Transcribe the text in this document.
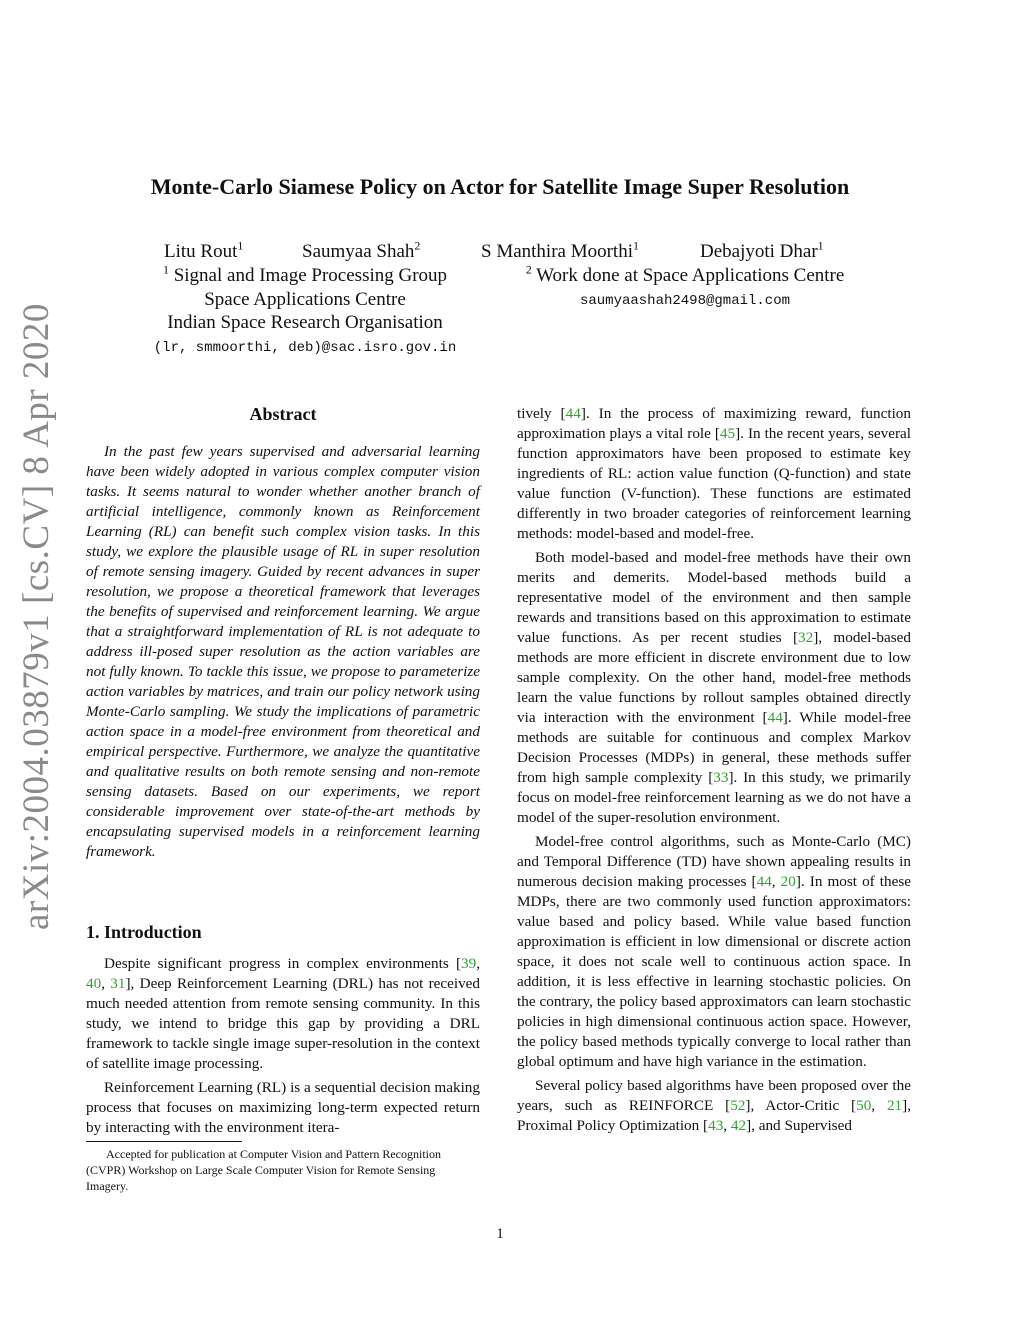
Monte-Carlo Siamese Policy on Actor for Satellite Image Super Resolution
Litu Rout$^1$	Saumyaa Shah$^2$	S Manthira Moorthi$^1$	Debajyoti Dhar$^1$
$^1$ Signal and Image Processing Group
Space Applications Centre
Indian Space Research Organisation
(lr, smmoorthi, deb)@sac.isro.gov.in
$^2$ Work done at Space Applications Centre
saumyaashah2498@gmail.com
arXiv:2004.03879v1 [cs.CV] 8 Apr 2020	Abstract

In the past few years supervised and adversarial learning have been widely adopted in various complex computer vision tasks. It seems natural to wonder whether another branch of artificial intelligence, commonly known as Reinforcement Learning (RL) can benefit such complex vision tasks. In this study, we explore the plausible usage of RL in super resolution of remote sensing imagery. Guided by recent advances in super resolution, we propose a theoretical framework that leverages the benefits of supervised and reinforcement learning. We argue that a straightforward implementation of RL is not adequate to address ill-posed super resolution as the action variables are not fully known. To tackle this issue, we propose to parameterize action variables by matrices, and train our policy network using Monte-Carlo sampling. We study the implications of parametric action space in a model-free environment from theoretical and empirical perspective. Furthermore, we analyze the quantitative and qualitative results on both remote sensing and non-remote sensing datasets. Based on our experiments, we report considerable improvement over state-of-the-art methods by encapsulating supervised models in a reinforcement learning framework.

1. Introduction

Despite significant progress in complex environments [39, 40, 31], Deep Reinforcement Learning (DRL) has not received much needed attention from remote sensing community. In this study, we intend to bridge this gap by providing a DRL framework to tackle single image super-resolution in the context of satellite image processing.

Reinforcement Learning (RL) is a sequential decision making process that focuses on maximizing long-term expected return by interacting with the environment itera-

Accepted for publication at Computer Vision and Pattern Recognition (CVPR) Workshop on Large Scale Computer Vision for Remote Sensing Imagery.

tively [44]. In the process of maximizing reward, function approximation plays a vital role [45]. In the recent years, several function approximators have been proposed to estimate key ingredients of RL: action value function (Q-function) and state value function (V-function). These functions are estimated differently in two broader categories of reinforcement learning methods: model-based and model-free.

Both model-based and model-free methods have their own merits and demerits. Model-based methods build a representative model of the environment and then sample rewards and transitions based on this approximation to estimate value functions. As per recent studies [32], model-based methods are more efficient in discrete environment due to low sample complexity. On the other hand, model-free methods learn the value functions by rollout samples obtained directly via interaction with the environment [44]. While model-free methods are suitable for continuous and complex Markov Decision Processes (MDPs) in general, these methods suffer from high sample complexity [33]. In this study, we primarily focus on model-free reinforcement learning as we do not have a model of the super-resolution environment.

Model-free control algorithms, such as Monte-Carlo (MC) and Temporal Difference (TD) have shown appealing results in numerous decision making processes [44, 20]. In most of these MDPs, there are two commonly used function approximators: value based and policy based. While value based function approximation is efficient in low dimensional or discrete action space, it does not scale well to continuous action space. In addition, it is less effective in learning stochastic policies. On the contrary, the policy based approximators can learn stochastic policies in high dimensional continuous action space. However, the policy based methods typically converge to local rather than global optimum and have high variance in the estimation.

Several policy based algorithms have been proposed over the years, such as REINFORCE [52], Actor-Critic [50, 21], Proximal Policy Optimization [43, 42], and Supervised

1
